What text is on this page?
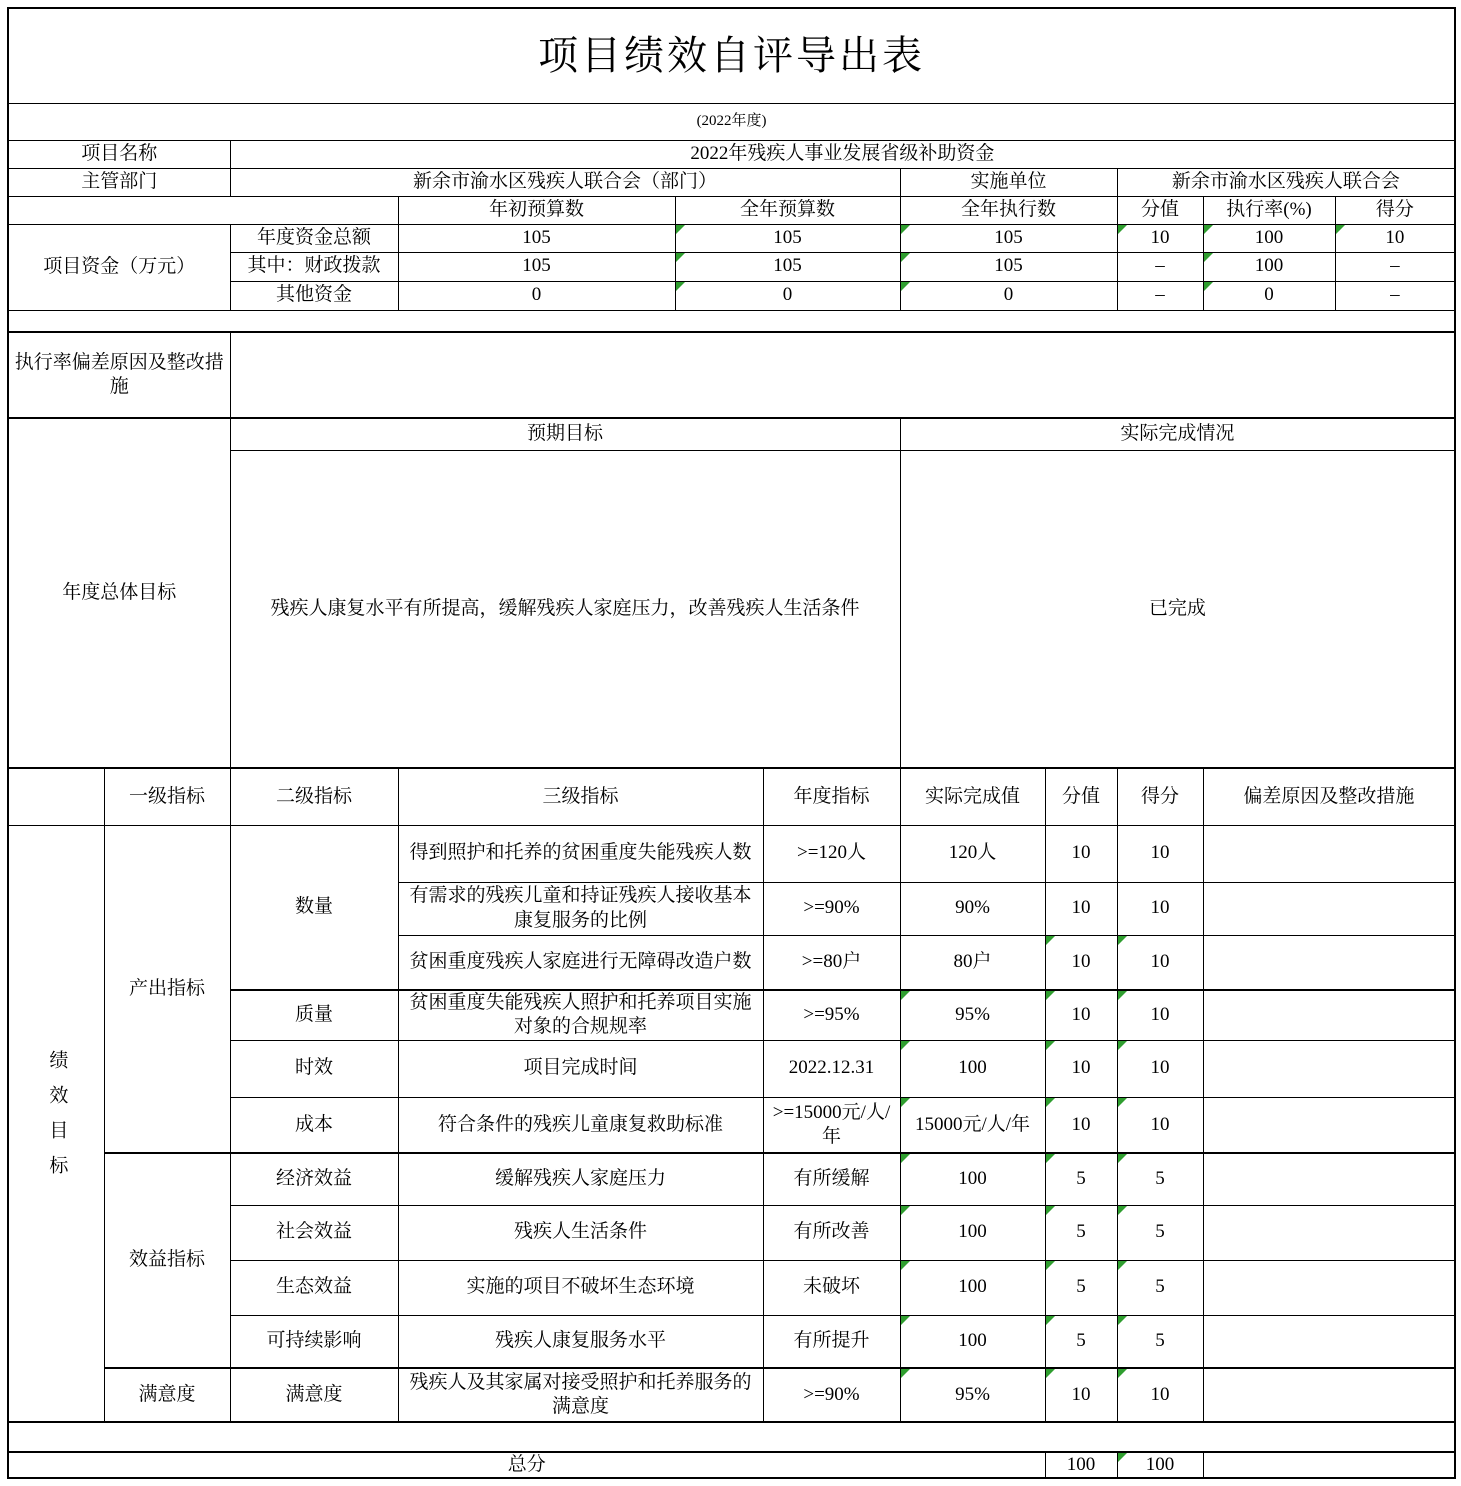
项目绩效自评导出表										
(2022年度)										
项目名称		2022年残疾人事业发展省级补助资金								
主管部门		新余市渝水区残疾人联合会（部门）				实施单位		新余市渝水区残疾人联合会		
			年初预算数	全年预算数		全年执行数		分值	执行率(%)	得分
项目资金（万元）		年度资金总额	105	105		105		10	100	10
		其中：财政拨款	105	105		105		–	100	–
		其他资金	0	0		0		–	0	–

执行率偏差原因及整改措施										
年度总体目标		预期目标				实际完成情况				
		残疾人康复水平有所提高，缓解残疾人家庭压力，改善残疾人生活条件				已完成				
	一级指标	二级指标	三级指标		年度指标	实际完成值	分值	得分	偏差原因及整改措施	
绩效目标	产出指标	数量	得到照护和托养的贫困重度失能残疾人数		>=120人	120人	10	10		
			有需求的残疾儿童和持证残疾人接收基本康复服务的比例		>=90%	90%	10	10		
			贫困重度残疾人家庭进行无障碍改造户数		>=80户	80户	10	10		
		质量	贫困重度失能残疾人照护和托养项目实施对象的合规规率		>=95%	95%	10	10		
		时效	项目完成时间		2022.12.31	100	10	10		
		成本	符合条件的残疾儿童康复救助标准		>=15000元/人/年	15000元/人/年	10	10		
	效益指标	经济效益	缓解残疾人家庭压力		有所缓解	100	5	5		
		社会效益	残疾人生活条件		有所改善	100	5	5		
		生态效益	实施的项目不破坏生态环境		未破坏	100	5	5		
		可持续影响	残疾人康复服务水平		有所提升	100	5	5		
	满意度	满意度	残疾人及其家属对接受照护和托养服务的满意度		>=90%	95%	10	10		

总分							100	100		
